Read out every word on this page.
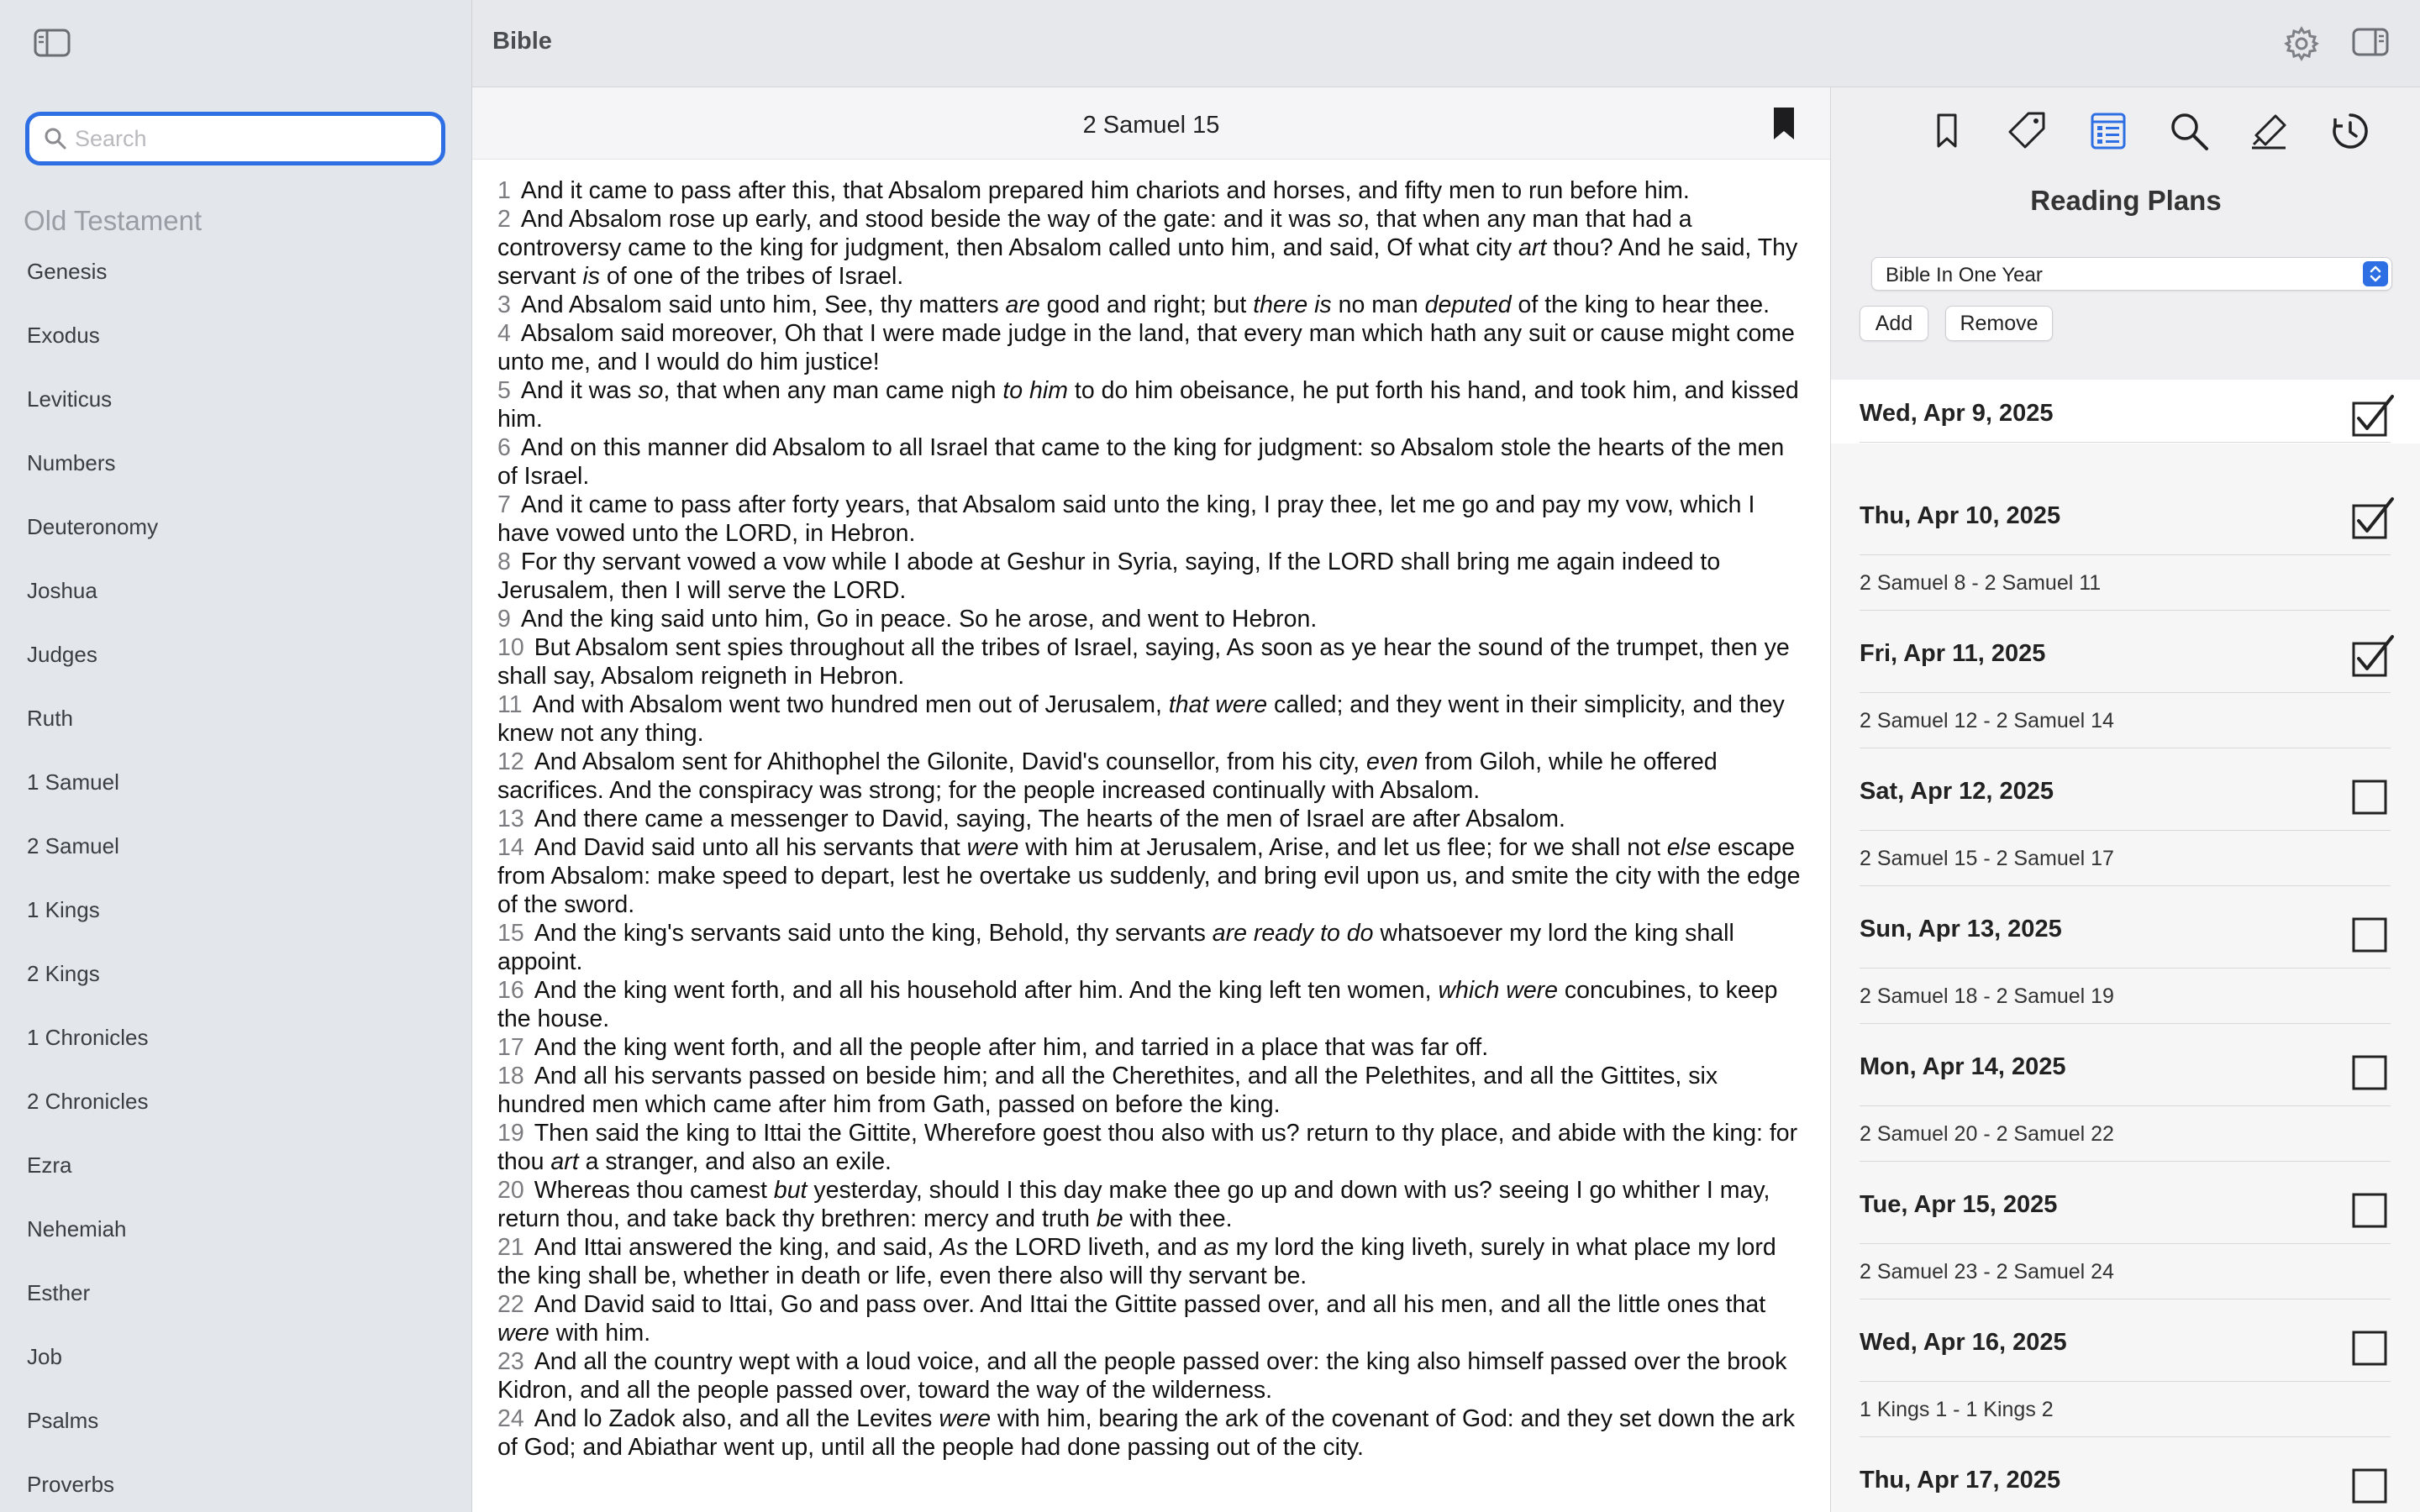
Search
Old Testament
Genesis
Exodus
Leviticus
Numbers
Deuteronomy
Joshua
Judges
Ruth
1 Samuel
2 Samuel
1 Kings
2 Kings
1 Chronicles
2 Chronicles
Ezra
Nehemiah
Esther
Job
Psalms
Proverbs
Bible
2 Samuel 15
1 And it came to pass after this, that Absalom prepared him chariots and horses, and fifty men to run before him.
2 And Absalom rose up early, and stood beside the way of the gate: and it was so, that when any man that had a controversy came to the king for judgment, then Absalom called unto him, and said, Of what city art thou? And he said, Thy servant is of one of the tribes of Israel.
3 And Absalom said unto him, See, thy matters are good and right; but there is no man deputed of the king to hear thee.
4 Absalom said moreover, Oh that I were made judge in the land, that every man which hath any suit or cause might come unto me, and I would do him justice!
5 And it was so, that when any man came nigh to him to do him obeisance, he put forth his hand, and took him, and kissed him.
6 And on this manner did Absalom to all Israel that came to the king for judgment: so Absalom stole the hearts of the men of Israel.
7 And it came to pass after forty years, that Absalom said unto the king, I pray thee, let me go and pay my vow, which I have vowed unto the LORD, in Hebron.
8 For thy servant vowed a vow while I abode at Geshur in Syria, saying, If the LORD shall bring me again indeed to Jerusalem, then I will serve the LORD.
9 And the king said unto him, Go in peace. So he arose, and went to Hebron.
10 But Absalom sent spies throughout all the tribes of Israel, saying, As soon as ye hear the sound of the trumpet, then ye shall say, Absalom reigneth in Hebron.
11 And with Absalom went two hundred men out of Jerusalem, that were called; and they went in their simplicity, and they knew not any thing.
12 And Absalom sent for Ahithophel the Gilonite, David's counsellor, from his city, even from Giloh, while he offered sacrifices. And the conspiracy was strong; for the people increased continually with Absalom.
13 And there came a messenger to David, saying, The hearts of the men of Israel are after Absalom.
14 And David said unto all his servants that were with him at Jerusalem, Arise, and let us flee; for we shall not else escape from Absalom: make speed to depart, lest he overtake us suddenly, and bring evil upon us, and smite the city with the edge of the sword.
15 And the king's servants said unto the king, Behold, thy servants are ready to do whatsoever my lord the king shall appoint.
16 And the king went forth, and all his household after him. And the king left ten women, which were concubines, to keep the house.
17 And the king went forth, and all the people after him, and tarried in a place that was far off.
18 And all his servants passed on beside him; and all the Cherethites, and all the Pelethites, and all the Gittites, six hundred men which came after him from Gath, passed on before the king.
19 Then said the king to Ittai the Gittite, Wherefore goest thou also with us? return to thy place, and abide with the king: for thou art a stranger, and also an exile.
20 Whereas thou camest but yesterday, should I this day make thee go up and down with us? seeing I go whither I may, return thou, and take back thy brethren: mercy and truth be with thee.
21 And Ittai answered the king, and said, As the LORD liveth, and as my lord the king liveth, surely in what place my lord the king shall be, whether in death or life, even there also will thy servant be.
22 And David said to Ittai, Go and pass over. And Ittai the Gittite passed over, and all his men, and all the little ones that were with him.
23 And all the country wept with a loud voice, and all the people passed over: the king also himself passed over the brook Kidron, and all the people passed over, toward the way of the wilderness.
24 And lo Zadok also, and all the Levites were with him, bearing the ark of the covenant of God: and they set down the ark of God; and Abiathar went up, until all the people had done passing out of the city.
Reading Plans
Bible In One Year
Add	Remove
Wed, Apr 9, 2025
Thu, Apr 10, 2025
2 Samuel 8 - 2 Samuel 11
Fri, Apr 11, 2025
2 Samuel 12 - 2 Samuel 14
Sat, Apr 12, 2025
2 Samuel 15 - 2 Samuel 17
Sun, Apr 13, 2025
2 Samuel 18 - 2 Samuel 19
Mon, Apr 14, 2025
2 Samuel 20 - 2 Samuel 22
Tue, Apr 15, 2025
2 Samuel 23 - 2 Samuel 24
Wed, Apr 16, 2025
1 Kings 1 - 1 Kings 2
Thu, Apr 17, 2025
